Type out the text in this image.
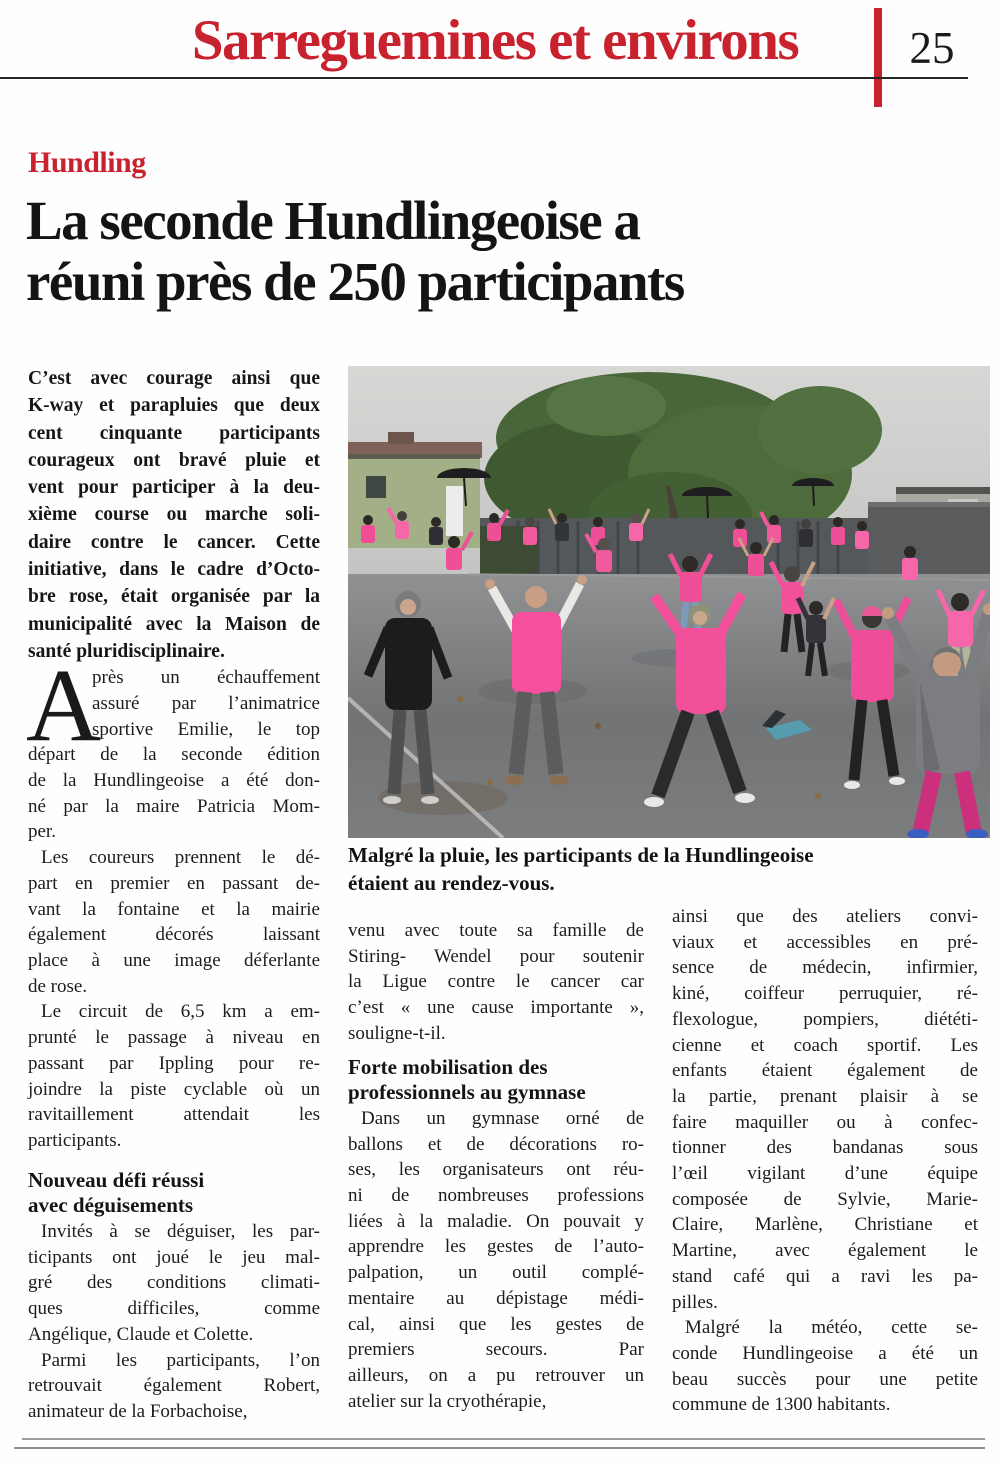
Sarreguemines et environs	25
Hundling
La seconde Hundlingeoise a
réuni près de 250 participants
Malgré la pluie, les participants de la Hundlingeoise
étaient au rendez-vous.
C’est avec courage ainsi que
K-way et parapluies que deux
cent cinquante participants
courageux ont bravé pluie et
vent pour participer à la deu-
xième course ou marche soli-
daire contre le cancer. Cette
initiative, dans le cadre d’Octo-
bre rose, était organisée par la
municipalité avec la Maison de
santé pluridisciplinaire.
A
près un échauffement
assuré par l’animatrice
sportive Emilie, le top
départ de la seconde édition
de la Hundlingeoise a été don-
né par la maire Patricia Mom-
per.
Les coureurs prennent le dé-
part en premier en passant de-
vant la fontaine et la mairie
également décorés laissant
place à une image déferlante
de rose.
Le circuit de 6,5 km a em-
prunté le passage à niveau en
passant par Ippling pour re-
joindre la piste cyclable où un
ravitaillement attendait les
participants.
Nouveau défi réussi
avec déguisements
Invités à se déguiser, les par-
ticipants ont joué le jeu mal-
gré des conditions climati-
ques difficiles, comme
Angélique, Claude et Colette.
Parmi les participants, l’on
retrouvait également Robert,
animateur de la Forbachoise,
venu avec toute sa famille de
Stiring- Wendel pour soutenir
la Ligue contre le cancer car
c’est « une cause importante »,
souligne-t-il.
Forte mobilisation des
professionnels au gymnase
Dans un gymnase orné de
ballons et de décorations ro-
ses, les organisateurs ont réu-
ni de nombreuses professions
liées à la maladie. On pouvait y
apprendre les gestes de l’auto-
palpation, un outil complé-
mentaire au dépistage médi-
cal, ainsi que les gestes de
premiers secours. Par
ailleurs, on a pu retrouver un
atelier sur la cryothérapie,
ainsi que des ateliers convi-
viaux et accessibles en pré-
sence de médecin, infirmier,
kiné, coiffeur perruquier, ré-
flexologue, pompiers, diététi-
cienne et coach sportif. Les
enfants étaient également de
la partie, prenant plaisir à se
faire maquiller ou à confec-
tionner des bandanas sous
l’œil vigilant d’une équipe
composée de Sylvie, Marie-
Claire, Marlène, Christiane et
Martine, avec également le
stand café qui a ravi les pa-
pilles.
Malgré la météo, cette se-
conde Hundlingeoise a été un
beau succès pour une petite
commune de 1300 habitants.
